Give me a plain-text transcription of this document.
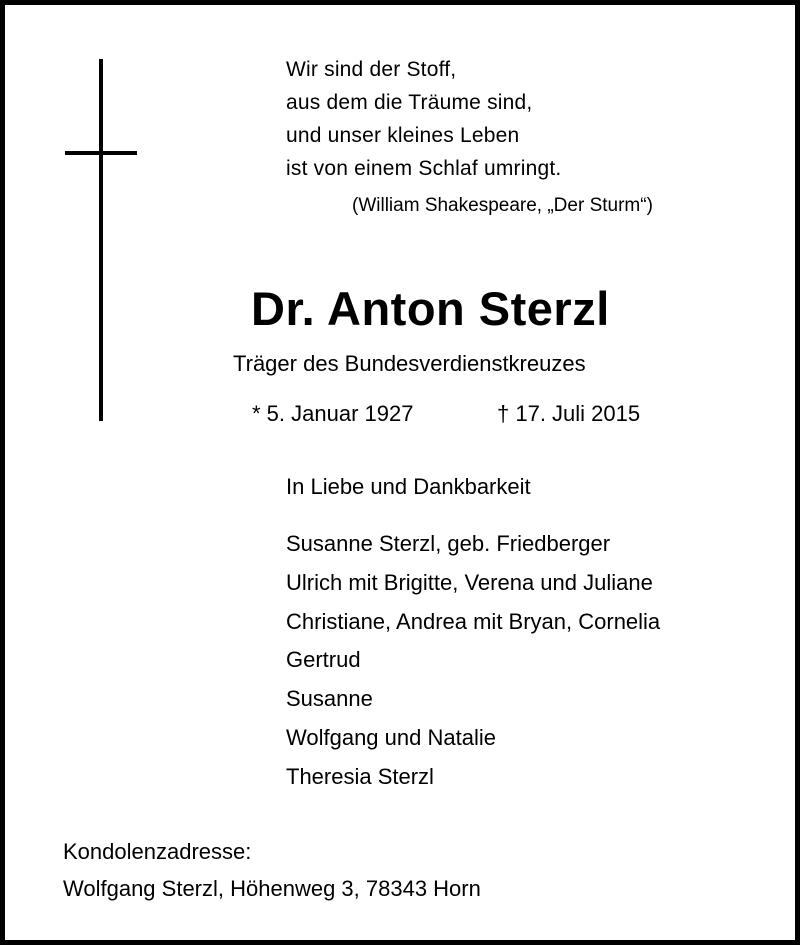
Wir sind der Stoff,
aus dem die Träume sind,
und unser kleines Leben
ist von einem Schlaf umringt.
(William Shakespeare, „Der Sturm“)
Dr. Anton Sterzl
Träger des Bundesverdienstkreuzes
* 5. Januar 1927	† 17. Juli 2015
In Liebe und Dankbarkeit
Susanne Sterzl, geb. Friedberger
Ulrich mit Brigitte, Verena und Juliane
Christiane, Andrea mit Bryan, Cornelia
Gertrud
Susanne
Wolfgang und Natalie
Theresia Sterzl
Kondolenzadresse:
Wolfgang Sterzl, Höhenweg 3, 78343 Horn
